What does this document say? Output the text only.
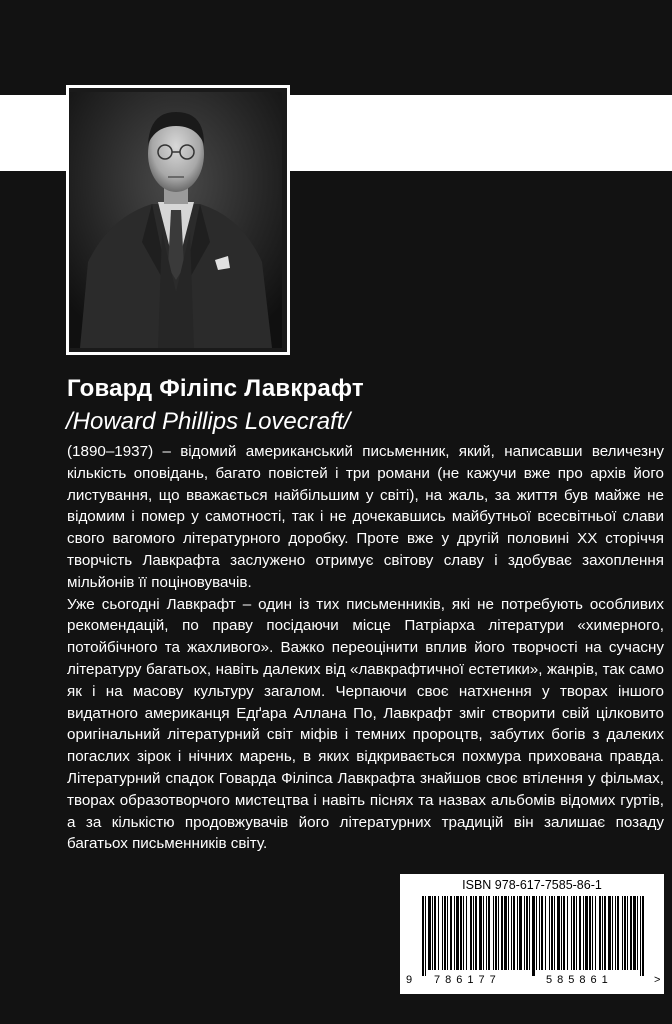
Говард Філіпс Лавкрафт
/Howard Phillips Lovecraft/

(1890–1937) – відомий американський письменник, який, написавши величезну кількість оповідань, багато повістей і три романи (не кажучи вже про архів його листування, що вважається найбільшим у світі), на жаль, за життя був майже не відомим і помер у самотності, так і не дочекавшись майбутньої всесвітньої слави свого вагомого літературного доробку. Проте вже у другій половині XX сторіччя творчість Лавкрафта заслужено отримує світову славу і здобуває захоплення мільйонів її поціновувачів.

Уже сьогодні Лавкрафт – один із тих письменників, які не потребують особливих рекомендацій, по праву посідаючи місце Патріарха літератури «химерного, потойбічного та жахливого». Важко переоцінити вплив його творчості на сучасну літературу багатьох, навіть далеких від «лавкрафтичної естетики», жанрів, так само як і на масову культуру загалом. Черпаючи своє натхнення у творах іншого видатного американця Едґара Аллана По, Лавкрафт зміг створити свій цілковито оригінальний літературний світ міфів і темних пророцтв, забутих богів з далеких погаслих зірок і нічних марень, в яких відкривається похмура прихована правда. Літературний спадок Говарда Філіпса Лавкрафта знайшов своє втілення у фільмах, творах образотворчого мистецтва і навіть піснях та назвах альбомів відомих гуртів, а за кількістю продовжувачів його літературних традицій він залишає позаду багатьох письменників світу.

ISBN 978-617-7585-86-1
9 786177	585861	>
